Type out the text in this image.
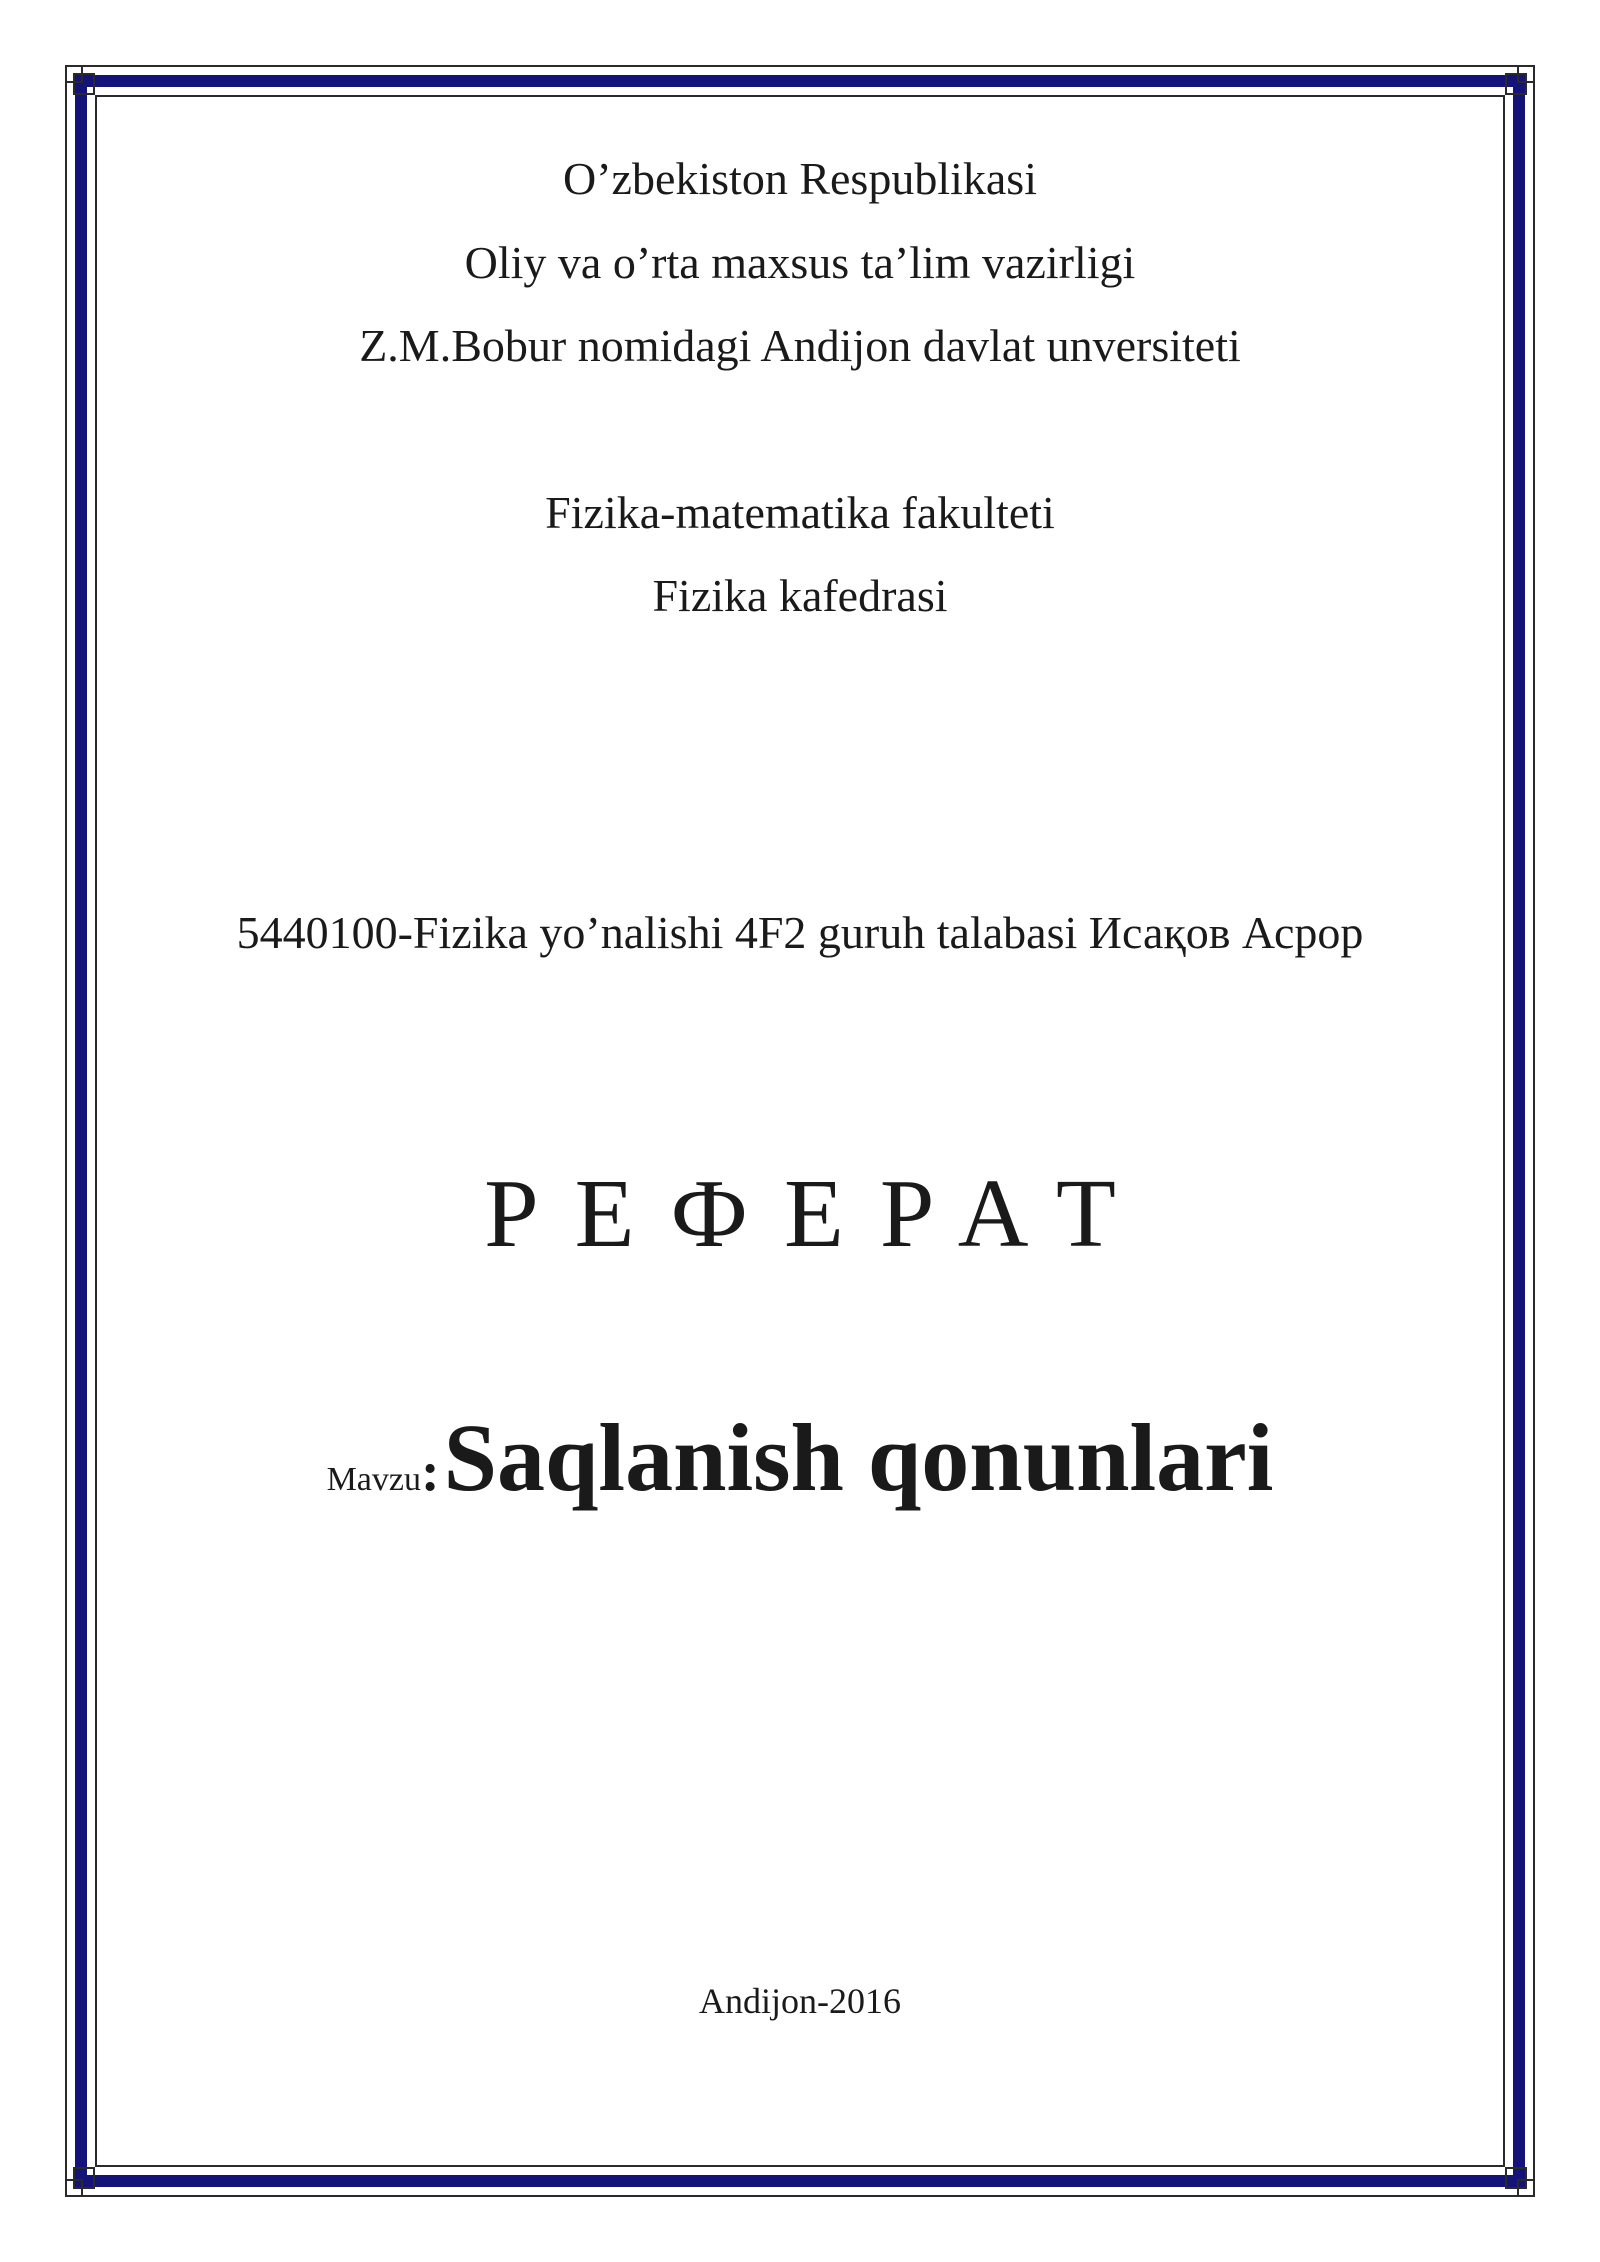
O’zbekiston Respublikasi
Oliy va o’rta maxsus ta’lim vazirligi
Z.M.Bobur nomidagi Andijon davlat unversiteti
Fizika-matematika fakulteti
Fizika kafedrasi
5440100-Fizika yo’nalishi 4F2 guruh talabasi Исақов Асрор
РЕФЕРАТ
Mavzu: Saqlanish qonunlari
Andijon-2016
